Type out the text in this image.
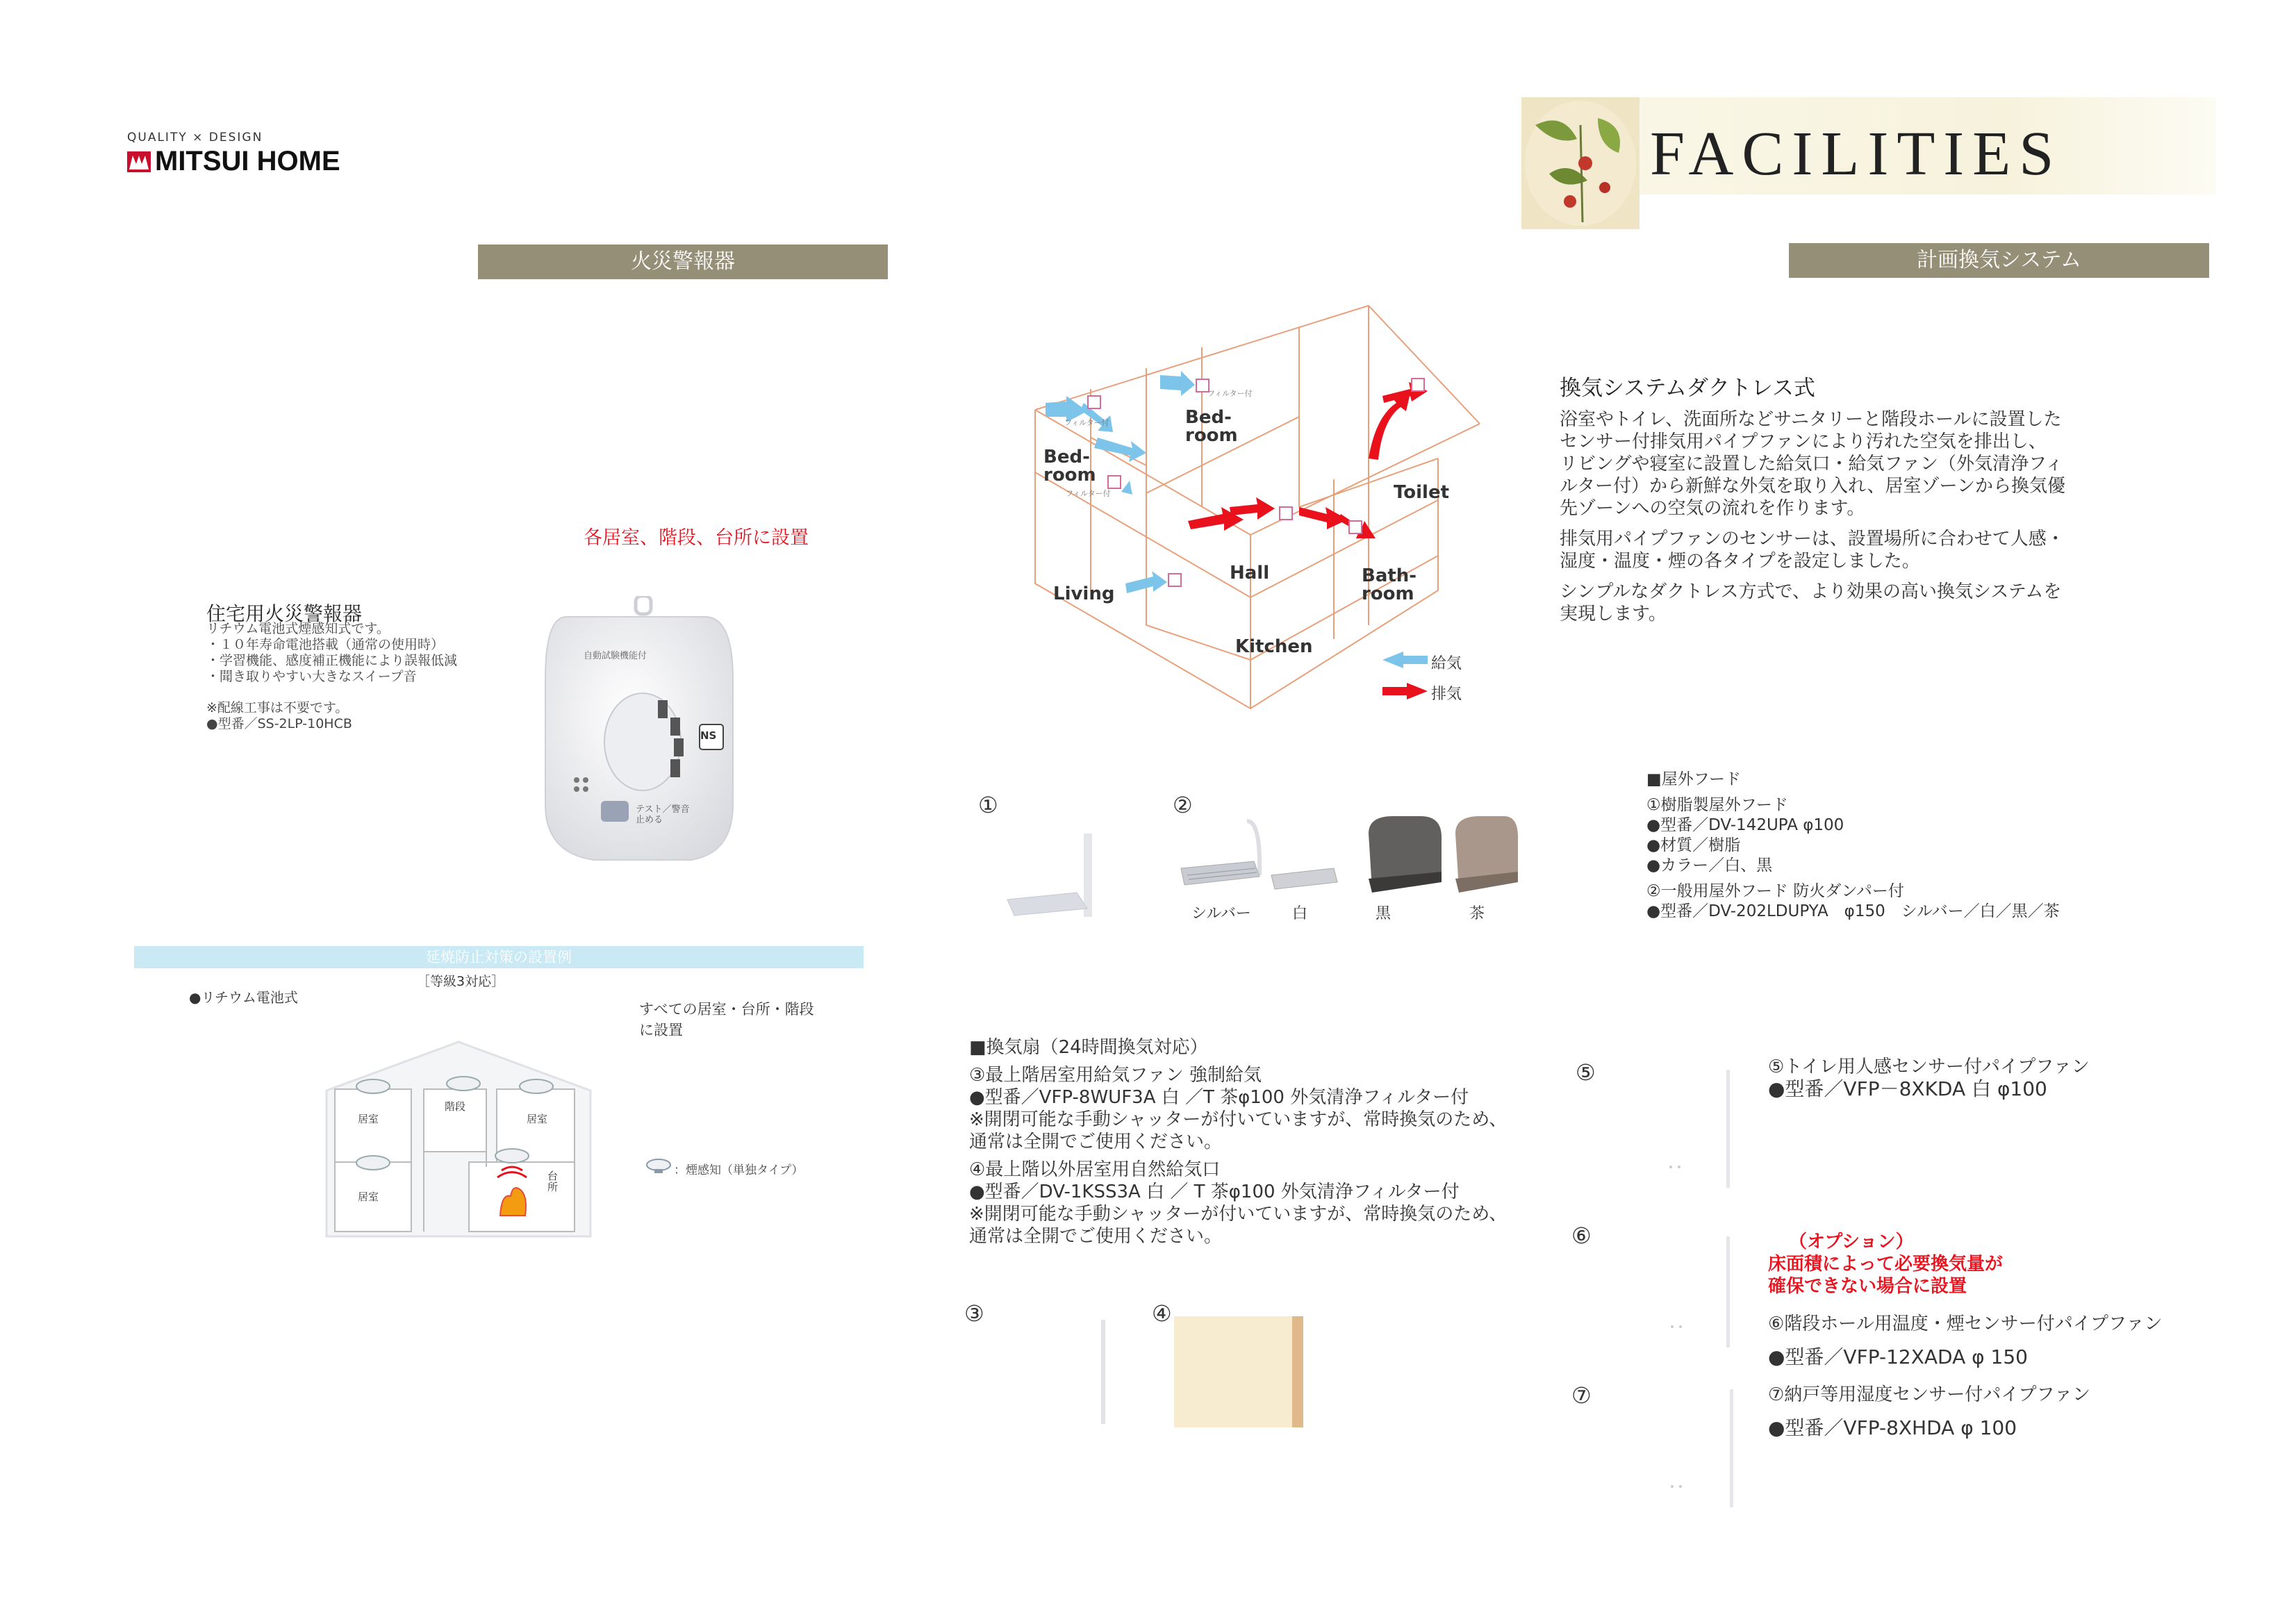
QUALITY × DESIGN
MITSUI HOME	FACILITIES
火災警報器	計画換気システム
各居室、階段、台所に設置
住宅用火災警報器
リチウム電池式煙感知式です。
・１０年寿命電池搭載（通常の使用時）
・学習機能、感度補正機能により誤報低減
・聞き取りやすい大きなスイープ音
※配線工事は不要です。
●型番／SS-2LP-10HCB
自動試験機能付
NS
テスト／警音止める
延焼防止対策の設置例
［等級3対応］
●リチウム電池式
すべての居室・台所・階段
に設置
居室
階段
居室
居室
台所
：煙感知（単独タイプ）
フィルター付
フィルター付
フィルター付
Bed-
room
Bed-
room
Toilet
Hall
Living
Bath-
room
Kitchen
給気
排気
換気システムダクトレス式
浴室やトイレ、洗面所などサニタリーと階段ホールに設置した
センサー付排気用パイプファンにより汚れた空気を排出し、
リビングや寝室に設置した給気口・給気ファン（外気清浄フィ
ルター付）から新鮮な外気を取り入れ、居室ゾーンから換気優
先ゾーンへの空気の流れを作ります。
排気用パイプファンのセンサーは、設置場所に合わせて人感・
湿度・温度・煙の各タイプを設定しました。
シンプルなダクトレス方式で、より効果の高い換気システムを
実現します。
①	②
シルバー	白	黒	茶
■屋外フード
①樹脂製屋外フード
●型番／DV-142UPA φ100
●材質／樹脂
●カラー／白、黒
②一般用屋外フード 防火ダンパー付
●型番／DV-202LDUPYA　φ150　シルバー／白／黒／茶
■換気扇（24時間換気対応）
③最上階居室用給気ファン 強制給気
●型番／VFP-8WUF3A 白 ／T 茶φ100 外気清浄フィルター付
※開閉可能な手動シャッターが付いていますが、常時換気のため、
通常は全開でご使用ください。
④最上階以外居室用自然給気口
●型番／DV-1KSS3A 白 ／ T 茶φ100 外気清浄フィルター付
※開閉可能な手動シャッターが付いていますが、常時換気のため、
通常は全開でご使用ください。
③	④
⑤
⑥
⑦
⑤トイレ用人感センサー付パイプファン
●型番／VFP－8XKDA 白 φ100
（オプション）
床面積によって必要換気量が
確保できない場合に設置
⑥階段ホール用温度・煙センサー付パイプファン
●型番／VFP-12XADA φ 150
⑦納戸等用湿度センサー付パイプファン
●型番／VFP-8XHDA φ 100
